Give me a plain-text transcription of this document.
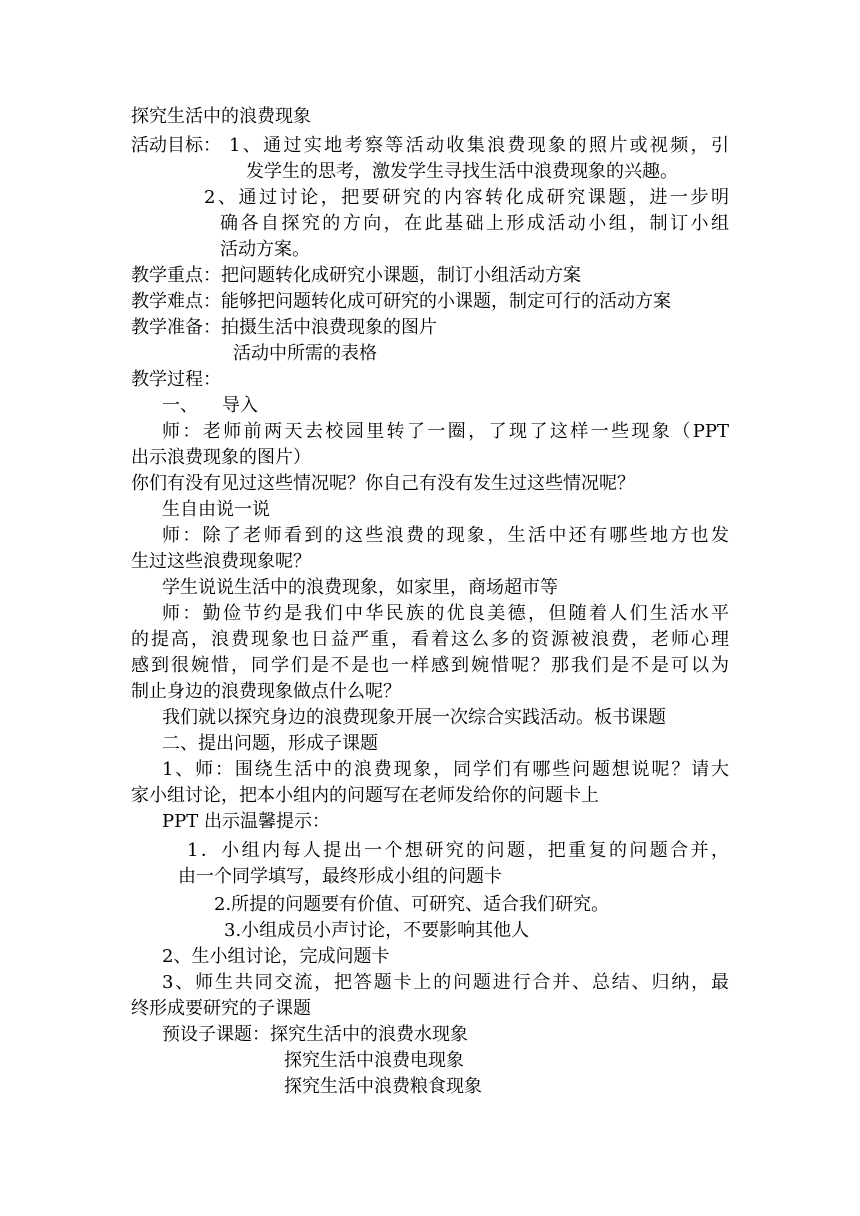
探究生活中的浪费现象

活动目标： 1、通过实地考察等活动收集浪费现象的照片或视频，引

发学生的思考，激发学生寻找生活中浪费现象的兴趣。

2、通过讨论，把要研究的内容转化成研究课题，进一步明

确各自探究的方向，在此基础上形成活动小组，制订小组

活动方案。

教学重点：把问题转化成研究小课题，制订小组活动方案

教学难点：能够把问题转化成可研究的小课题，制定可行的活动方案

教学准备：拍摄生活中浪费现象的图片

活动中所需的表格

教学过程：

一、 导入

师：老师前两天去校园里转了一圈，了现了这样一些现象（PPT

出示浪费现象的图片）

你们有没有见过这些情况呢？你自己有没有发生过这些情况呢？

生自由说一说

师：除了老师看到的这些浪费的现象，生活中还有哪些地方也发

生过这些浪费现象呢？

学生说说生活中的浪费现象，如家里，商场超市等

师：勤俭节约是我们中华民族的优良美德，但随着人们生活水平

的提高，浪费现象也日益严重，看着这么多的资源被浪费，老师心理

感到很婉惜，同学们是不是也一样感到婉惜呢？那我们是不是可以为

制止身边的浪费现象做点什么呢？

我们就以探究身边的浪费现象开展一次综合实践活动。板书课题

二、提出问题，形成子课题

1、师：围绕生活中的浪费现象，同学们有哪些问题想说呢？请大

家小组讨论，把本小组内的问题写在老师发给你的问题卡上

PPT 出示温馨提示：

1．小组内每人提出一个想研究的问题，把重复的问题合并，

由一个同学填写，最终形成小组的问题卡

2.所提的问题要有价值、可研究、适合我们研究。

3.小组成员小声讨论，不要影响其他人

2、生小组讨论，完成问题卡

3、师生共同交流，把答题卡上的问题进行合并、总结、归纳，最

终形成要研究的子课题

预设子课题： 探究生活中的浪费水现象

探究生活中浪费电现象

探究生活中浪费粮食现象
